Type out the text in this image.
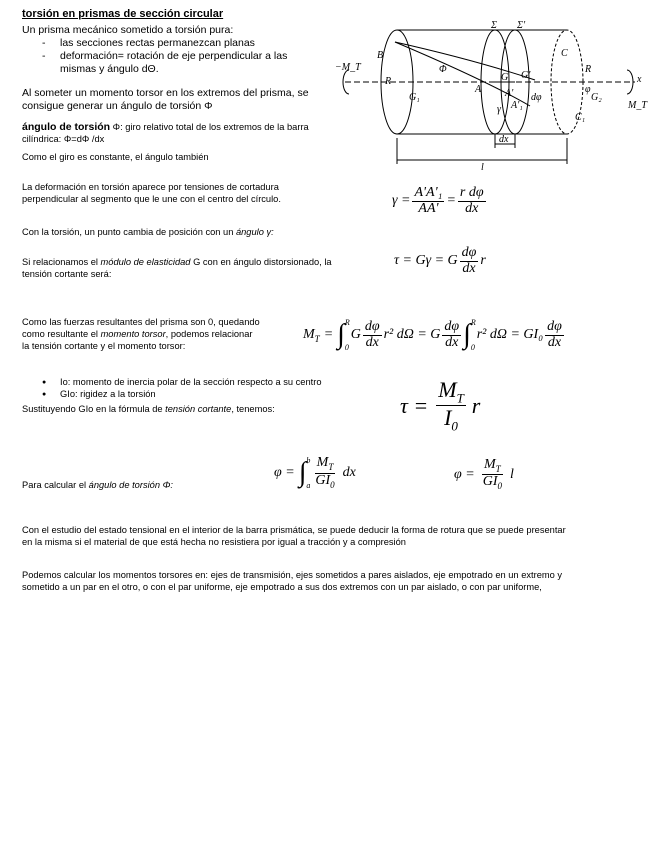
torsión en prismas de sección circular
Un prisma mecánico sometido a torsión pura:
- las secciones rectas permanezcan planas
- deformación= rotación de eje perpendicular a las mismas y ángulo dΘ.
Al someter un momento torsor en los extremos del prisma, se consigue generar un ángulo de torsión Φ
ángulo de torsión Φ: giro relativo total de los extremos de la barra cilíndrica: Φ=dΦ /dx
Como el giro es constante, el ángulo también
Σ Σ'
B	C
−M_T
M_T
x
R
R
G₁	G₂
C₁
Φ
G G'
A A'
A'₁
dφ
φ
γ
dx
l
La deformación en torsión aparece por tensiones de cortadura perpendicular al segmento que le une con el centro del círculo.
Con la torsión, un punto cambia de posición con un ángulo γ:
$\gamma = \frac{\text{A'A'₁}}{AA'} = \frac{\text{r dφ}}{dx}$
Si relacionamos el módulo de elasticidad G con en ángulo distorsionado, la tensión cortante será:
τ = Gγ = G $\frac{d\varphi}{dx}$ r
Como las fuerzas resultantes del prisma son 0, quedando como resultante el momento torsor, podemos relacionar la tensión cortante y el momento torsor:
$M_T$ = ∫ R
0
G $\frac{d\varphi}{dx} r^2$ dΩ = G $\frac{d\varphi}{dx}$ ∫ R
0
r² $d\Omega = GI_0 \frac{d\varphi}{dx}$
● Io: momento de inercia polar de la sección respecto a su centro
● GIo: rigidez a la torsión
Sustituyendo GIo en la fórmula de tensión cortante, tenemos:	$\tau = \frac{M_T}{I_0}$ r
Para calcular el ángulo de torsión Φ:
φ = ∫ b
a $\frac{M_T}{GI_0}$ dx	$\varphi = \frac{M_T}{GI_0}$ l
Con el estudio del estado tensional en el interior de la barra prismática, se puede deducir la forma de rotura que se puede presentar en la misma si el material de que está hecha no resistiera por igual a tracción y a compresión
Podemos calcular los momentos torsores en: ejes de transmisión, ejes sometidos a pares aislados, eje empotrado en un extremo y sometido a un par en el otro, o con el par uniforme, eje empotrado a sus dos extremos con un par aislado, o con par uniforme,
